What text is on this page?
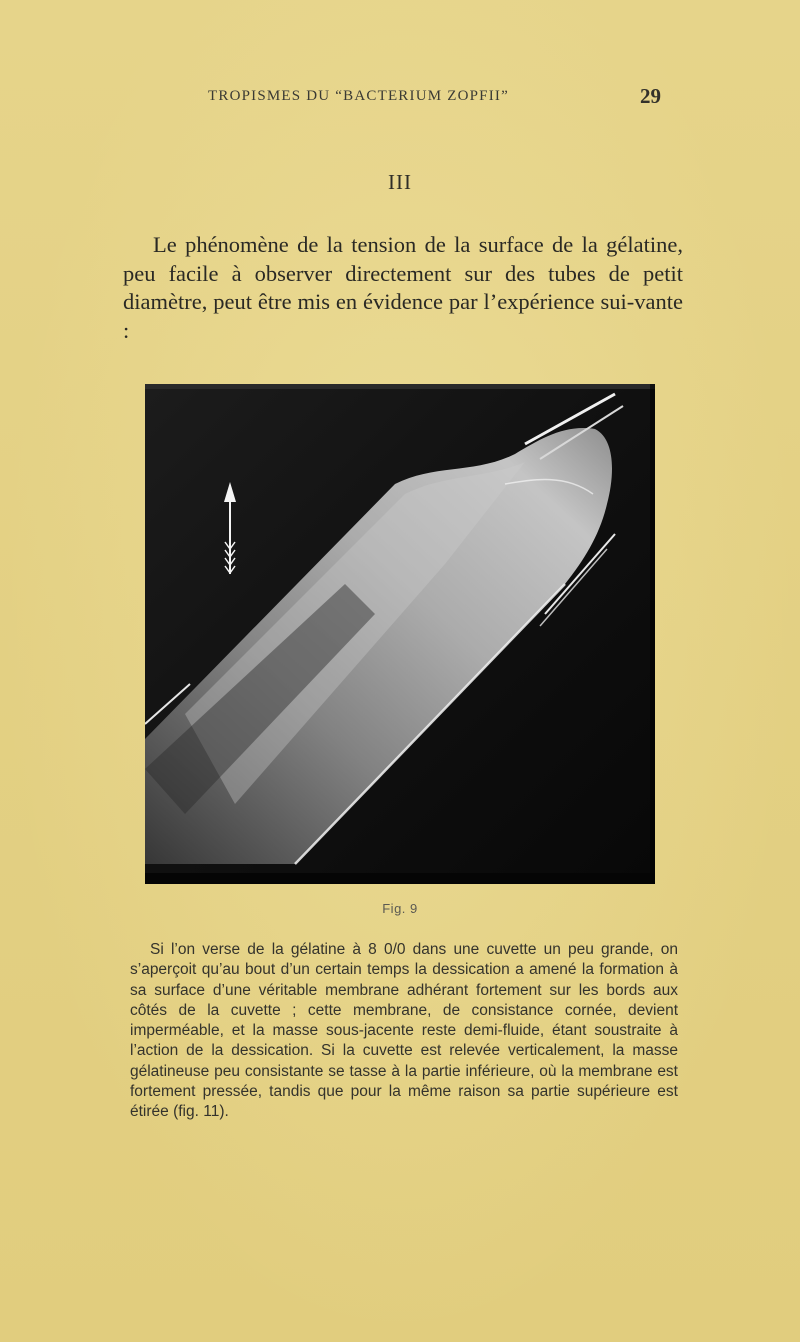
TROPISMES DU “BACTERIUM ZOPFII”	29
III

Le phénomène de la tension de la surface de la gélatine, peu facile à observer directement sur des tubes de petit diamètre, peut être mis en évidence par l’expérience sui-vante :

Fig. 9

Si l’on verse de la gélatine à 8 0/0 dans une cuvette un peu grande, on s’aperçoit qu’au bout d’un certain temps la dessication a amené la formation à sa surface d’une véritable membrane adhérant fortement sur les bords aux côtés de la cuvette ; cette membrane, de consistance cornée, devient imperméable, et la masse sous-jacente reste demi-fluide, étant soustraite à l’action de la dessication. Si la cuvette est relevée verticalement, la masse gélatineuse peu consistante se tasse à la partie inférieure, où la membrane est fortement pressée, tandis que pour la même raison sa partie supérieure est étirée (fig. 11).
